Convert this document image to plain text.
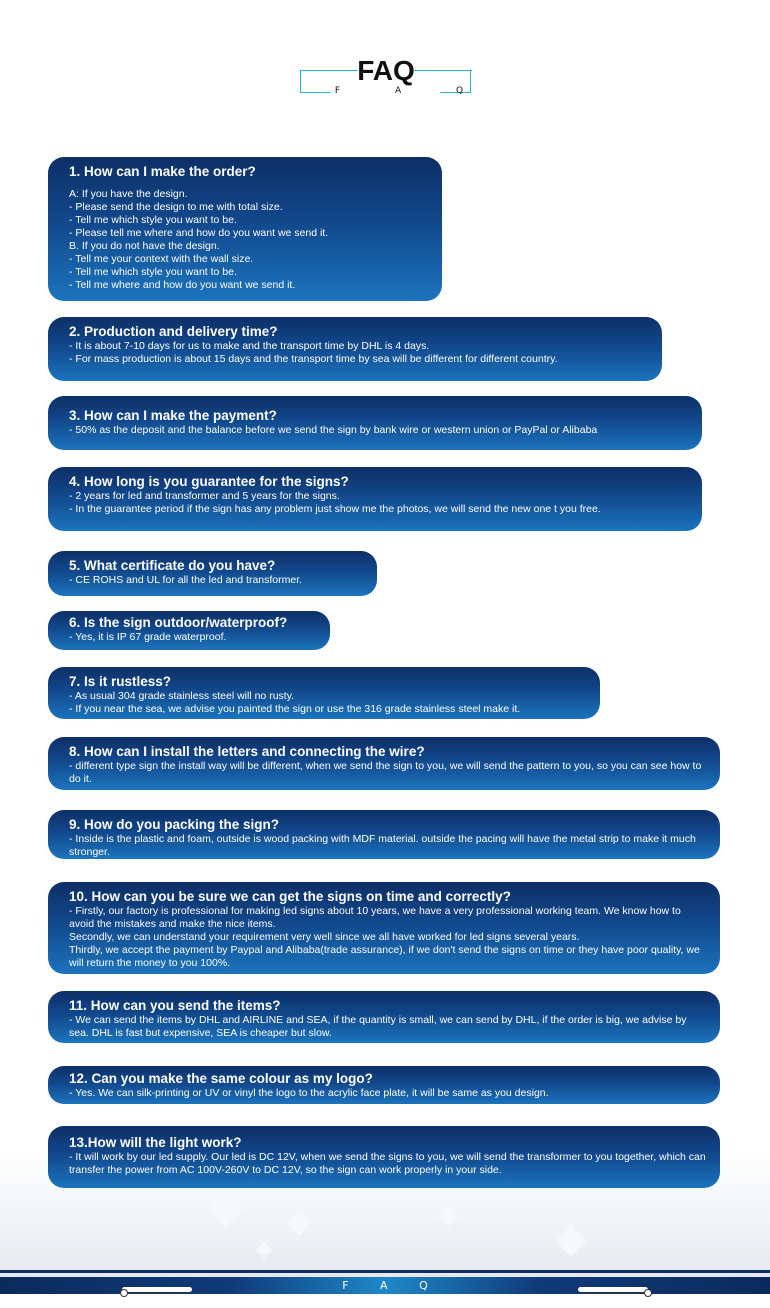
FAQ
F A Q

1. How can I make the order?

A: If you have the design.
- Please send the design to me with total size.
- Tell me which style you want to be.
- Please tell me where and how do you want we send it.
B. If you do not have the design.
- Tell me your context with the wall size.
- Tell me which style you want to be.
- Tell me where and how do you want we send it.

2. Production and delivery time?

- It is about 7-10 days for us to make and the transport time by DHL is 4 days.
- For mass production is about 15 days and the transport time by sea will be different for different country.

3. How can I make the payment?

- 50% as the deposit and the balance before we send the sign by bank wire or western union or PayPal or Alibaba

4. How long is you guarantee for the signs?

- 2 years for led and transformer and 5 years for the signs.
- In the guarantee period if the sign has any problem just show me the photos, we will send the new one t you free.

5. What certificate do you have?

- CE ROHS and UL for all the led and transformer.

6. Is the sign outdoor/waterproof?

- Yes, it is IP 67 grade waterproof.

7. Is it rustless?

- As usual 304 grade stainless steel will no rusty.
- If you near the sea, we advise you painted the sign or use the 316 grade stainless steel make it.

8. How can I install the letters and connecting the wire?

- different type sign the install way will be different, when we send the sign to you, we will send the pattern to you, so you can see how to do it.

9. How do you packing the sign?

- Inside is the plastic and foam, outside is wood packing with MDF material. outside the pacing will have the metal strip to make it much stronger.

10. How can you be sure we can get the signs on time and correctly?

- Firstly, our factory is professional for making led signs about 10 years, we have a very professional working team. We know how to avoid the mistakes and make the nice items.
Secondly, we can understand your requirement very well since we all have worked for led signs several years.
Thirdly, we accept the payment by Paypal and Alibaba(trade assurance), if we don't send the signs on time or they have poor quality, we will return the money to you 100%.

11. How can you send the items?

- We can send the items by DHL and AIRLINE and SEA, if the quantity is small, we can send by DHL, if the order is big, we advise by sea. DHL is fast but expensive, SEA is cheaper but slow.

12. Can you make the same colour as my logo?

- Yes. We can silk-printing or UV or vinyl the logo to the acrylic face plate, it will be same as you design.

13.How will the light work?

- It will work by our led supply. Our led is DC 12V, when we send the signs to you, we will send the transformer to you together, which can transfer the power from AC 100V-260V to DC 12V, so the sign can work properly in your side.

F A Q
